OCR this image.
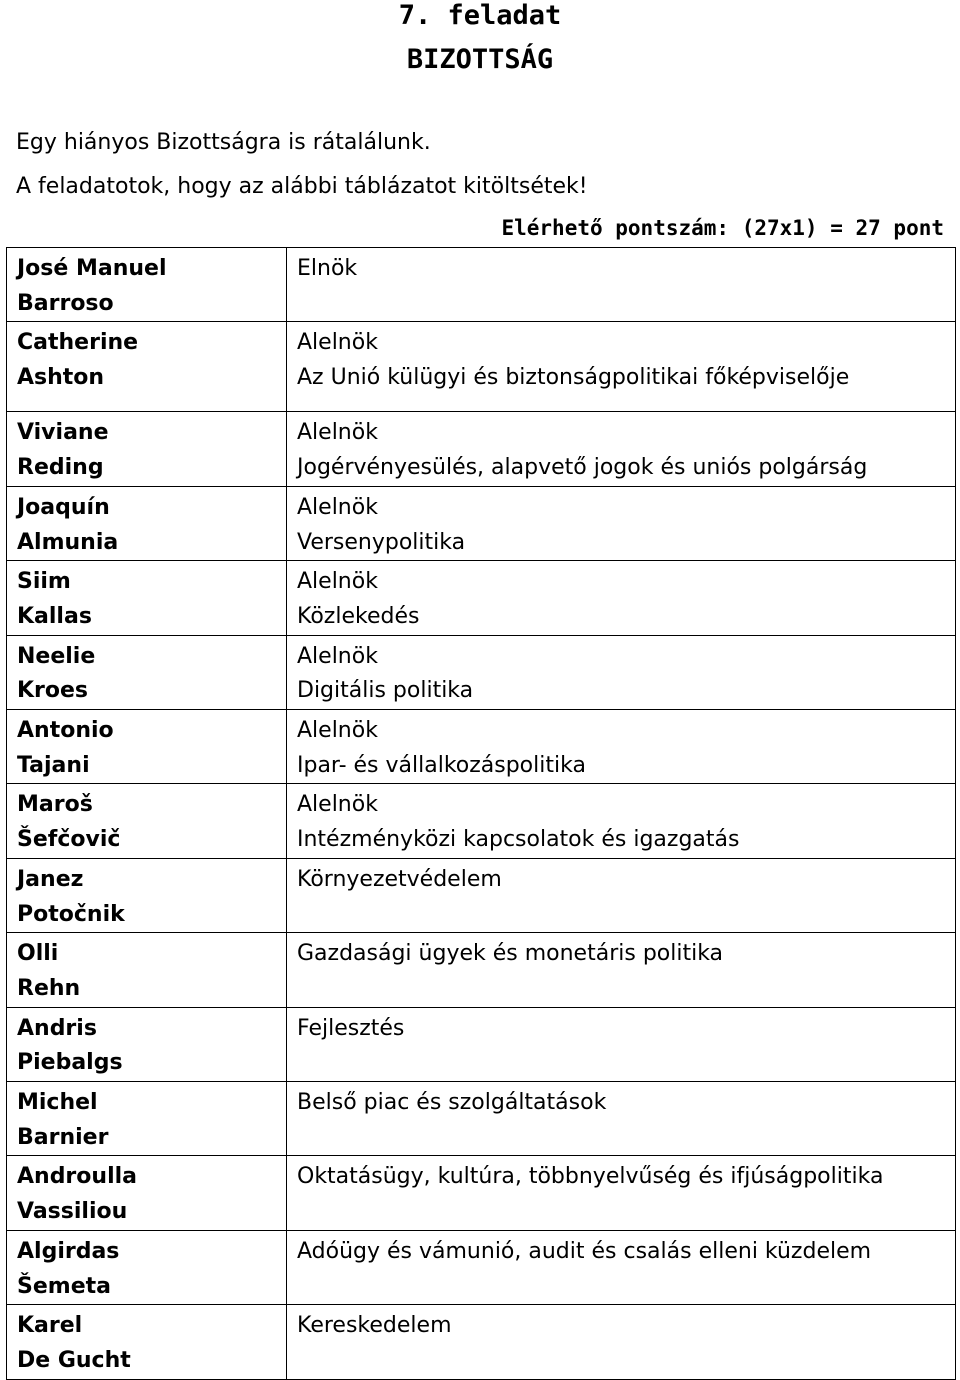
7. feladat
BIZOTTSÁG

Egy hiányos Bizottságra is rátalálunk.

A feladatotok, hogy az alábbi táblázatot kitöltsétek!

Elérhető pontszám: (27x1) = 27 pont
José Manuel
Barroso	Elnök
Catherine
Ashton	Alelnök
Az Unió külügyi és biztonságpolitikai főképviselője
Viviane
Reding	Alelnök
Jogérvényesülés, alapvető jogok és uniós polgárság
Joaquín
Almunia	Alelnök
Versenypolitika
Siim
Kallas	Alelnök
Közlekedés
Neelie
Kroes	Alelnök
Digitális politika
Antonio
Tajani	Alelnök
Ipar- és vállalkozáspolitika
Maroš
Šefčovič	Alelnök
Intézményközi kapcsolatok és igazgatás
Janez
Potočnik	Környezetvédelem
Olli
Rehn	Gazdasági ügyek és monetáris politika
Andris
Piebalgs	Fejlesztés
Michel
Barnier	Belső piac és szolgáltatások
Androulla
Vassiliou	Oktatásügy, kultúra, többnyelvűség és ifjúságpolitika
Algirdas
Šemeta	Adóügy és vámunió, audit és csalás elleni küzdelem
Karel
De Gucht	Kereskedelem
